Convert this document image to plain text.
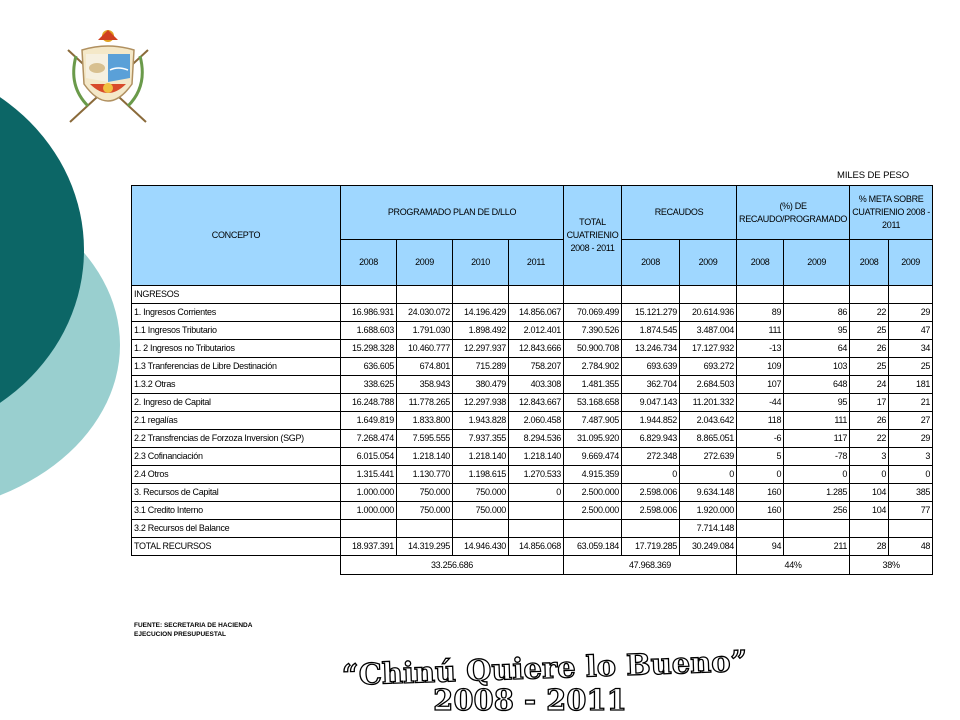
MILES DE PESO
CONCEPTO	PROGRAMADO PLAN DE D/LLO				TOTAL CUATRIENIO 2008 - 2011	RECAUDOS		(%) DE RECAUDO/PROGRAMADO		% META SOBRE CUATRIENIO 2008 - 2011	
	2008	2009	2010	2011		2008	2009	2008	2009	2008	2009
INGRESOS											
1. Ingresos Corrientes	16.986.931	24.030.072	14.196.429	14.856.067	70.069.499	15.121.279	20.614.936	89	86	22	29
1.1 Ingresos Tributario	1.688.603	1.791.030	1.898.492	2.012.401	7.390.526	1.874.545	3.487.004	111	95	25	47
1. 2 Ingresos no Tributarios	15.298.328	10.460.777	12.297.937	12.843.666	50.900.708	13.246.734	17.127.932	-13	64	26	34
1.3 Tranferencias de Libre Destinación	636.605	674.801	715.289	758.207	2.784.902	693.639	693.272	109	103	25	25
1.3.2 Otras	338.625	358.943	380.479	403.308	1.481.355	362.704	2.684.503	107	648	24	181
2. Ingreso de Capital	16.248.788	11.778.265	12.297.938	12.843.667	53.168.658	9.047.143	11.201.332	-44	95	17	21
2.1 regalías	1.649.819	1.833.800	1.943.828	2.060.458	7.487.905	1.944.852	2.043.642	118	111	26	27
2.2 Transfrencias de Forzoza Inversion (SGP)	7.268.474	7.595.555	7.937.355	8.294.536	31.095.920	6.829.943	8.865.051	-6	117	22	29
2.3 Cofinanciación	6.015.054	1.218.140	1.218.140	1.218.140	9.669.474	272.348	272.639	5	-78	3	3
2.4 Otros	1.315.441	1.130.770	1.198.615	1.270.533	4.915.359	0	0	0	0	0	0
3. Recursos de Capital	1.000.000	750.000	750.000	0	2.500.000	2.598.006	9.634.148	160	1.285	104	385
3.1 Credito Interno	1.000.000	750.000	750.000		2.500.000	2.598.006	1.920.000	160	256	104	77
3.2 Recursos del Balance							7.714.148				
TOTAL RECURSOS	18.937.391	14.319.295	14.946.430	14.856.068	63.059.184	17.719.285	30.249.084	94	211	28	48
	33.256.686				47.968.369			44%		38%	
FUENTE: SECRETARIA DE HACIENDA
EJECUCION PRESUPUESTAL
“Chinú Quiere lo Bueno”
2008 - 2011
